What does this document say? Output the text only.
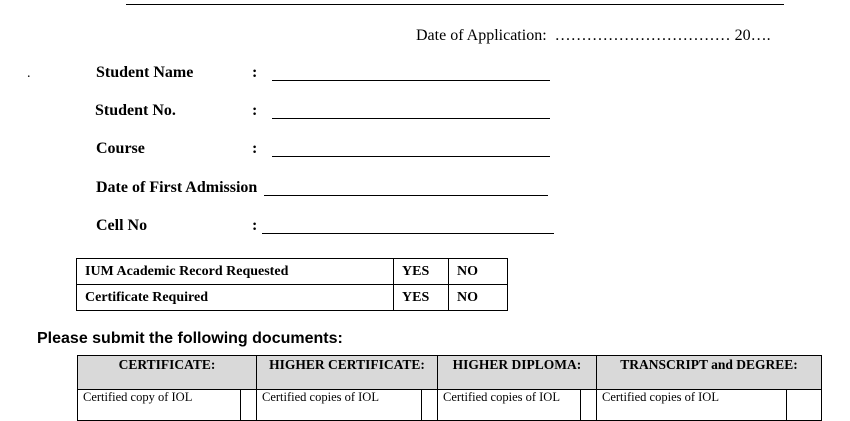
Date of Application: …………………………… 20….
.	Student Name	:
Student No.	:
Course	:
Date of First Admission
Cell No	:
IUM Academic Record Requested	YES	NO
Certificate Required	YES	NO
Please submit the following documents:
CERTIFICATE:		HIGHER CERTIFICATE:		HIGHER DIPLOMA:		TRANSCRIPT and DEGREE:	
Certified copy of IOL		Certified copies of IOL		Certified copies of IOL		Certified copies of IOL	
